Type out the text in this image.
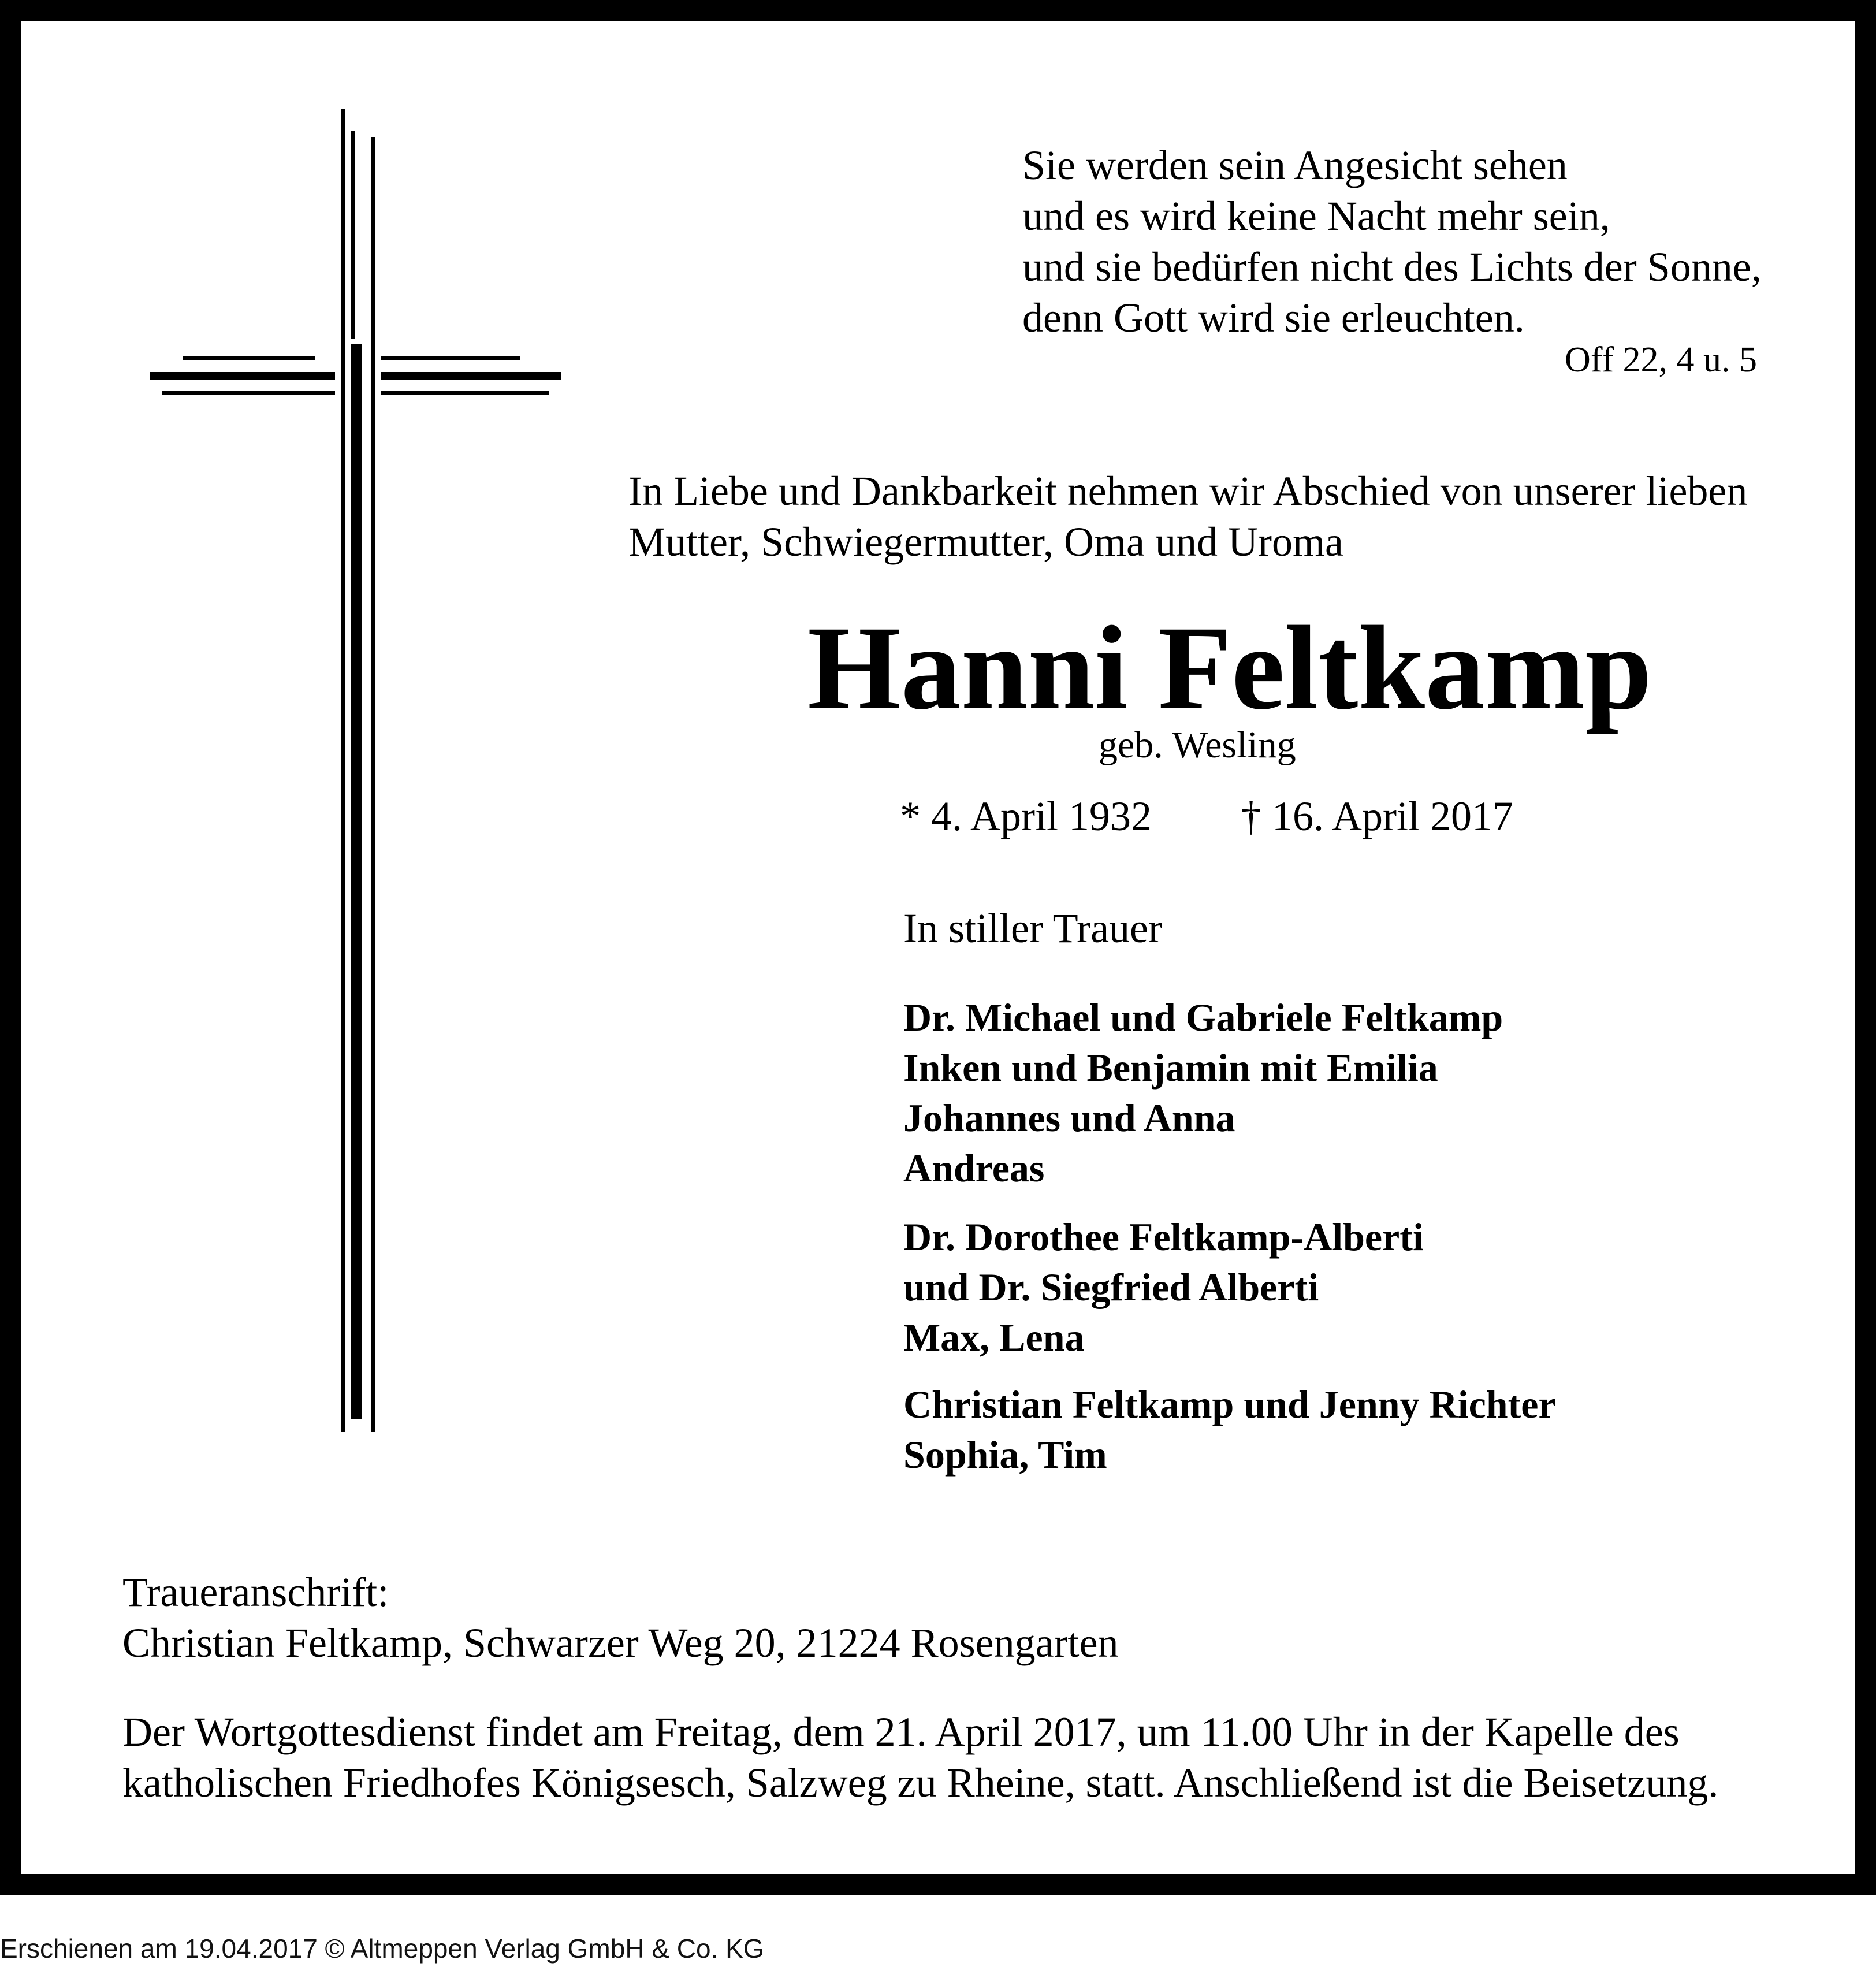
Sie werden sein Angesicht sehen
und es wird keine Nacht mehr sein,
und sie bedürfen nicht des Lichts der Sonne,
denn Gott wird sie erleuchten.
Off 22, 4 u. 5
In Liebe und Dankbarkeit nehmen wir Abschied von unserer lieben
Mutter, Schwiegermutter, Oma und Uroma
Hanni Feltkamp
geb. Wesling
* 4. April 1932 † 16. April 2017
In stiller Trauer
Dr. Michael und Gabriele Feltkamp
Inken und Benjamin mit Emilia
Johannes und Anna
Andreas
Dr. Dorothee Feltkamp-Alberti
und Dr. Siegfried Alberti
Max, Lena
Christian Feltkamp und Jenny Richter
Sophia, Tim
Traueranschrift:
Christian Feltkamp, Schwarzer Weg 20, 21224 Rosengarten
Der Wortgottesdienst findet am Freitag, dem 21. April 2017, um 11.00 Uhr in der Kapelle des
katholischen Friedhofes Königsesch, Salzweg zu Rheine, statt. Anschließend ist die Beisetzung.
Erschienen am 19.04.2017 © Altmeppen Verlag GmbH & Co. KG
